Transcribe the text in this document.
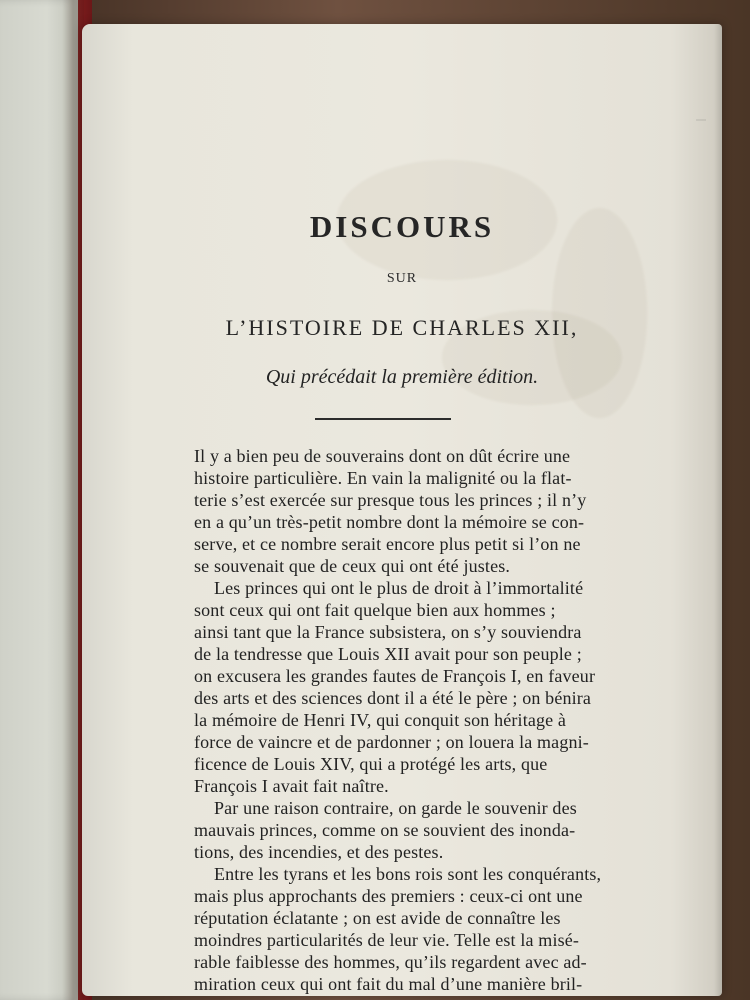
DISCOURS
SUR
L’HISTOIRE DE CHARLES XII,
Qui précédait la première édition.
Il y a bien peu de souverains dont on dût écrire une
histoire particulière. En vain la malignité ou la flat-
terie s’est exercée sur presque tous les princes ; il n’y
en a qu’un très-petit nombre dont la mémoire se con-
serve, et ce nombre serait encore plus petit si l’on ne
se souvenait que de ceux qui ont été justes.
Les princes qui ont le plus de droit à l’immortalité
sont ceux qui ont fait quelque bien aux hommes ;
ainsi tant que la France subsistera, on s’y souviendra
de la tendresse que Louis XII avait pour son peuple ;
on excusera les grandes fautes de François I, en faveur
des arts et des sciences dont il a été le père ; on bénira
la mémoire de Henri IV, qui conquit son héritage à
force de vaincre et de pardonner ; on louera la magni-
ficence de Louis XIV, qui a protégé les arts, que
François I avait fait naître.
Par une raison contraire, on garde le souvenir des
mauvais princes, comme on se souvient des inonda-
tions, des incendies, et des pestes.
Entre les tyrans et les bons rois sont les conquérants,
mais plus approchants des premiers : ceux-ci ont une
réputation éclatante ; on est avide de connaître les
moindres particularités de leur vie. Telle est la misé-
rable faiblesse des hommes, qu’ils regardent avec ad-
miration ceux qui ont fait du mal d’une manière bril-
